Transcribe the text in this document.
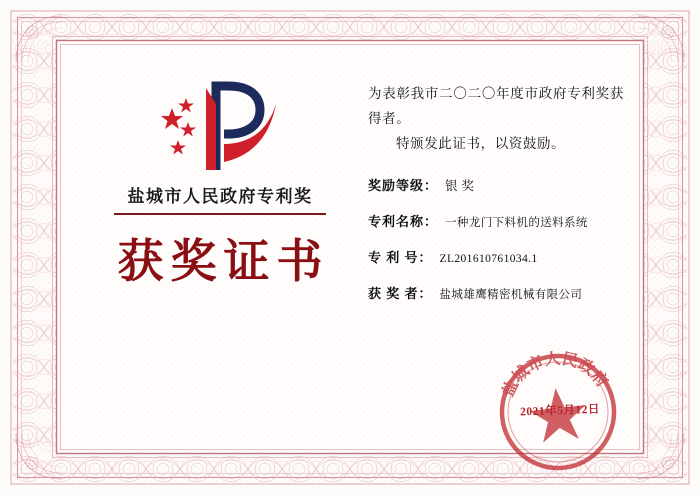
盐城市人民政府专利奖
获奖证书
为表彰我市二〇二〇年度市政府专利奖获得者。
特颁发此证书，以资鼓励。
奖励等级： 银 奖
专利名称： 一种龙门下料机的送料系统
专 利 号： ZL201610761034.1
获 奖 者： 盐城雄鹰精密机械有限公司
盐城市人民政府
2021年5月12日
